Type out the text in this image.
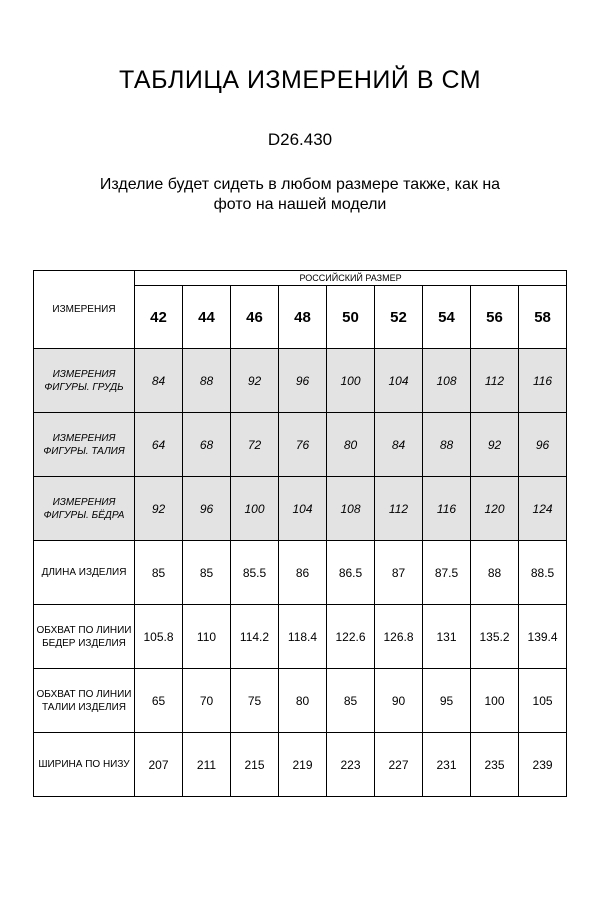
ТАБЛИЦА ИЗМЕРЕНИЙ В СМ
D26.430
Изделие будет сидеть в любом размере также, как на фото на нашей модели
ИЗМЕРЕНИЯ	РОССИЙСКИЙ РАЗМЕР								
	42	44	46	48	50	52	54	56	58
ИЗМЕРЕНИЯ ФИГУРЫ. ГРУДЬ	84	88	92	96	100	104	108	112	116
ИЗМЕРЕНИЯ ФИГУРЫ. ТАЛИЯ	64	68	72	76	80	84	88	92	96
ИЗМЕРЕНИЯ ФИГУРЫ. БЁДРА	92	96	100	104	108	112	116	120	124
ДЛИНА ИЗДЕЛИЯ	85	85	85.5	86	86.5	87	87.5	88	88.5
ОБХВАТ ПО ЛИНИИ БЕДЕР ИЗДЕЛИЯ	105.8	110	114.2	118.4	122.6	126.8	131	135.2	139.4
ОБХВАТ ПО ЛИНИИ ТАЛИИ ИЗДЕЛИЯ	65	70	75	80	85	90	95	100	105
ШИРИНА ПО НИЗУ	207	211	215	219	223	227	231	235	239
